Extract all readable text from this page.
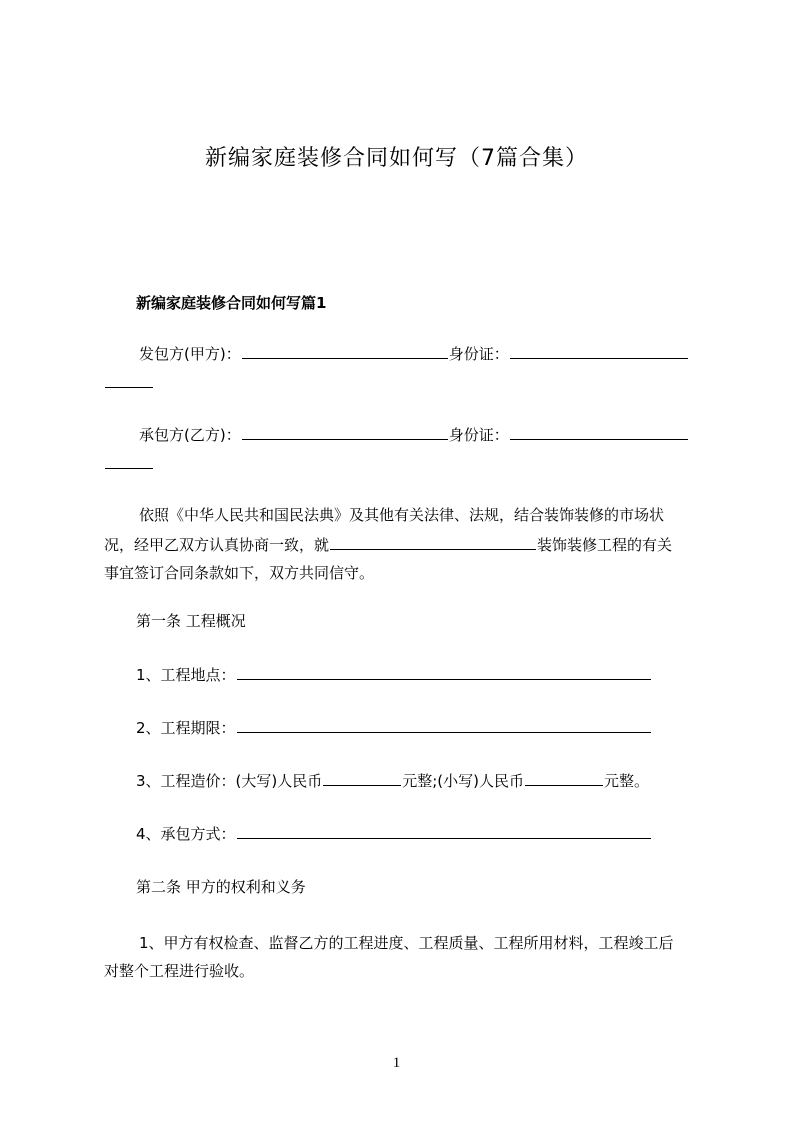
新编家庭装修合同如何写（7篇合集）
新编家庭装修合同如何写篇1
发包方(甲方)：	身份证：
承包方(乙方)：	身份证：
依照《中华人民共和国民法典》及其他有关法律、法规，结合装饰装修的市场状
况，经甲乙双方认真协商一致，就	装饰装修工程的有关
事宜签订合同条款如下，双方共同信守。
第一条 工程概况
1、工程地点：
2、工程期限：
3、工程造价：(大写)人民币	元整;(小写)人民币	元整。
4、承包方式：
第二条 甲方的权利和义务
1、甲方有权检查、监督乙方的工程进度、工程质量、工程所用材料，工程竣工后
对整个工程进行验收。
1
